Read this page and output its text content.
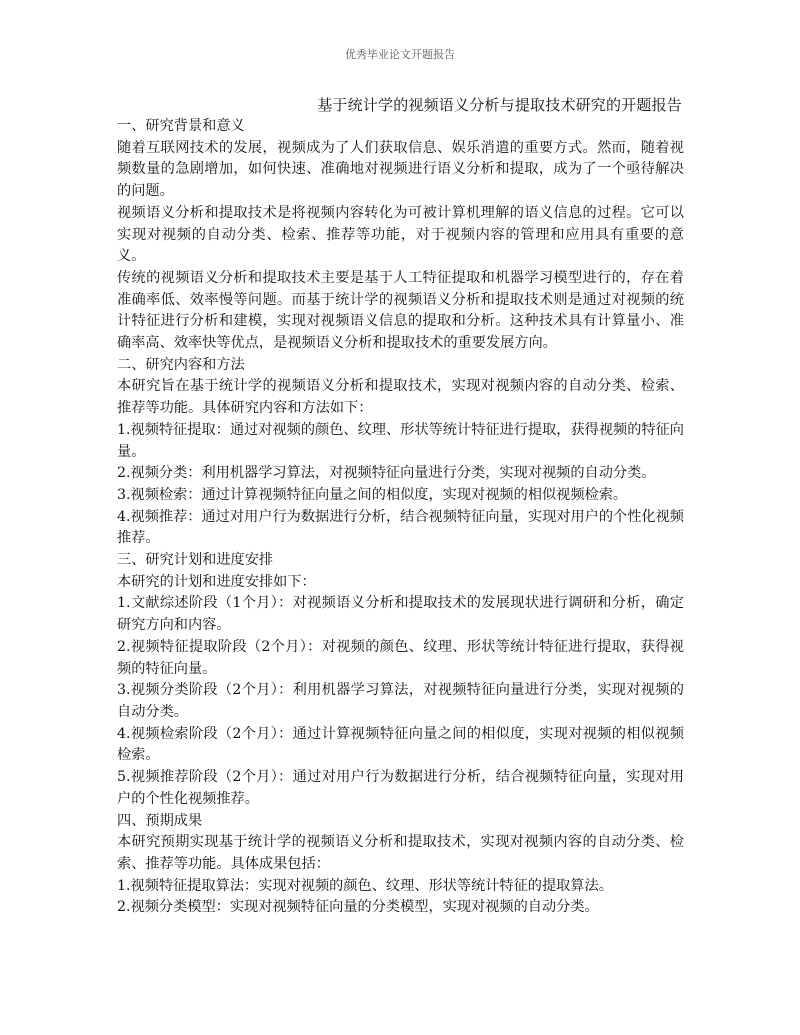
优秀毕业论文开题报告
基于统计学的视频语义分析与提取技术研究的开题报告
一、研究背景和意义

随着互联网技术的发展，视频成为了人们获取信息、娱乐消遣的重要方式。然而，随着视频数量的急剧增加，如何快速、准确地对视频进行语义分析和提取，成为了一个亟待解决的问题。

视频语义分析和提取技术是将视频内容转化为可被计算机理解的语义信息的过程。它可以实现对视频的自动分类、检索、推荐等功能，对于视频内容的管理和应用具有重要的意义。

传统的视频语义分析和提取技术主要是基于人工特征提取和机器学习模型进行的，存在着准确率低、效率慢等问题。而基于统计学的视频语义分析和提取技术则是通过对视频的统计特征进行分析和建模，实现对视频语义信息的提取和分析。这种技术具有计算量小、准确率高、效率快等优点，是视频语义分析和提取技术的重要发展方向。

二、研究内容和方法

本研究旨在基于统计学的视频语义分析和提取技术，实现对视频内容的自动分类、检索、推荐等功能。具体研究内容和方法如下：

1.视频特征提取：通过对视频的颜色、纹理、形状等统计特征进行提取，获得视频的特征向量。

2.视频分类：利用机器学习算法，对视频特征向量进行分类，实现对视频的自动分类。

3.视频检索：通过计算视频特征向量之间的相似度，实现对视频的相似视频检索。

4.视频推荐：通过对用户行为数据进行分析，结合视频特征向量，实现对用户的个性化视频推荐。

三、研究计划和进度安排

本研究的计划和进度安排如下：

1.文献综述阶段（1个月）：对视频语义分析和提取技术的发展现状进行调研和分析，确定研究方向和内容。

2.视频特征提取阶段（2个月）：对视频的颜色、纹理、形状等统计特征进行提取，获得视频的特征向量。

3.视频分类阶段（2个月）：利用机器学习算法，对视频特征向量进行分类，实现对视频的自动分类。

4.视频检索阶段（2个月）：通过计算视频特征向量之间的相似度，实现对视频的相似视频检索。

5.视频推荐阶段（2个月）：通过对用户行为数据进行分析，结合视频特征向量，实现对用户的个性化视频推荐。

四、预期成果

本研究预期实现基于统计学的视频语义分析和提取技术，实现对视频内容的自动分类、检索、推荐等功能。具体成果包括：

1.视频特征提取算法：实现对视频的颜色、纹理、形状等统计特征的提取算法。

2.视频分类模型：实现对视频特征向量的分类模型，实现对视频的自动分类。
